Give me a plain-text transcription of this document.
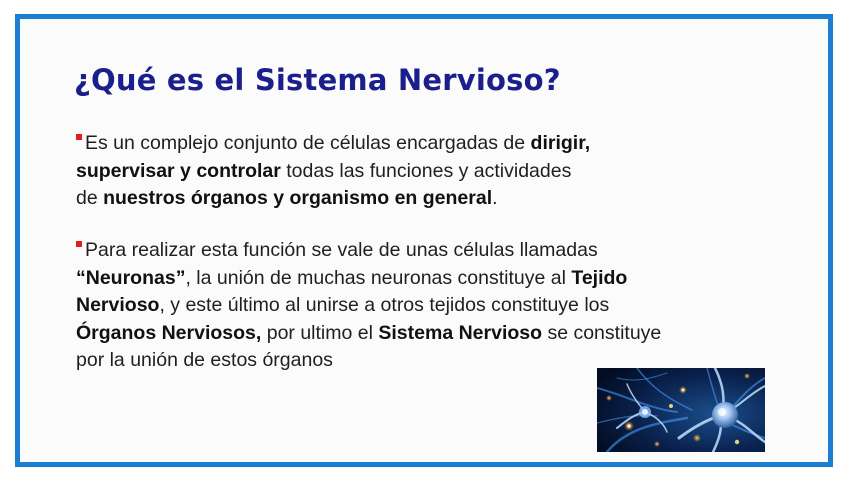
¿Qué es el Sistema Nervioso?

Es un complejo conjunto de células encargadas de dirigir,
supervisar y controlar todas las funciones y actividades
de nuestros órganos y organismo en general.

Para realizar esta función se vale de unas células llamadas
“Neuronas”, la unión de muchas neuronas constituye al Tejido
Nervioso, y este último al unirse a otros tejidos constituye los
Órganos Nerviosos, por ultimo el Sistema Nervioso se constituye
por la unión de estos órganos
